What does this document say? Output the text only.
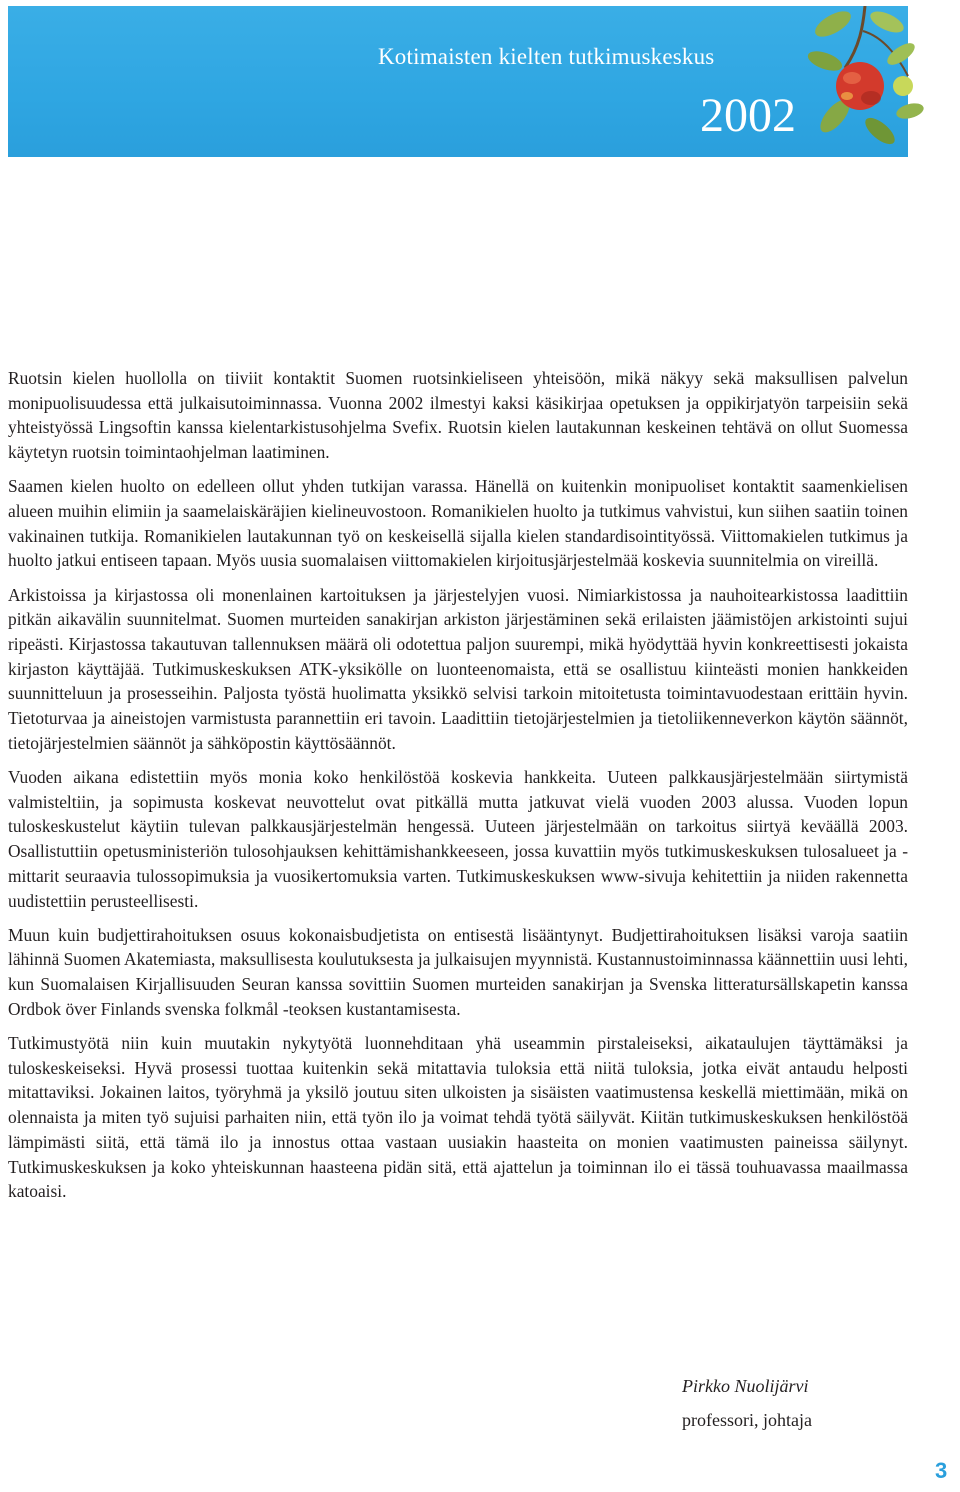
Kotimaisten kielten tutkimuskeskus
2002

Ruotsin kielen huollolla on tiiviit kontaktit Suomen ruotsinkieliseen yhteisöön, mikä näkyy sekä maksullisen palvelun monipuolisuudessa että julkaisutoiminnassa. Vuonna 2002 ilmestyi kaksi käsikirjaa opetuksen ja oppikirjatyön tarpeisiin sekä yhteistyössä Lingsoftin kanssa kielentarkistusohjelma Svefix. Ruotsin kielen lautakunnan keskeinen tehtävä on ollut Suomessa käytetyn ruotsin toimintaohjelman laatiminen.

Saamen kielen huolto on edelleen ollut yhden tutkijan varassa. Hänellä on kuitenkin monipuoliset kontaktit saamenkielisen alueen muihin elimiin ja saamelaiskäräjien kielineuvostoon. Romanikielen huolto ja tutkimus vahvistui, kun siihen saatiin toinen vakinainen tutkija. Romanikielen lautakunnan työ on keskeisellä sijalla kielen standardisointityössä. Viittomakielen tutkimus ja huolto jatkui entiseen tapaan. Myös uusia suomalaisen viittomakielen kirjoitusjärjestelmää koskevia suunnitelmia on vireillä.

Arkistoissa ja kirjastossa oli monenlainen kartoituksen ja järjestelyjen vuosi. Nimiarkistossa ja nauhoitearkistossa laadittiin pitkän aikavälin suunnitelmat. Suomen murteiden sanakirjan arkiston järjestäminen sekä erilaisten jäämistöjen arkistointi sujui ripeästi. Kirjastossa takautuvan tallennuksen määrä oli odotettua paljon suurempi, mikä hyödyttää hyvin konkreettisesti jokaista kirjaston käyttäjää. Tutkimuskeskuksen ATK-yksikölle on luonteenomaista, että se osallistuu kiinteästi monien hankkeiden suunnitteluun ja prosesseihin. Paljosta työstä huolimatta yksikkö selvisi tarkoin mitoitetusta toimintavuodestaan erittäin hyvin. Tietoturvaa ja aineistojen varmistusta parannettiin eri tavoin. Laadittiin tietojärjestelmien ja tietoliikenneverkon käytön säännöt, tietojärjestelmien säännöt ja sähköpostin käyttösäännöt.

Vuoden aikana edistettiin myös monia koko henkilöstöä koskevia hankkeita. Uuteen palkkausjärjestelmään siirtymistä valmisteltiin, ja sopimusta koskevat neuvottelut ovat pitkällä mutta jatkuvat vielä vuoden 2003 alussa. Vuoden lopun tuloskeskustelut käytiin tulevan palkkausjärjestelmän hengessä. Uuteen järjestelmään on tarkoitus siirtyä keväällä 2003. Osallistuttiin opetusministeriön tulosohjauksen kehittämishankkeeseen, jossa kuvattiin myös tutkimuskeskuksen tulosalueet ja -mittarit seuraavia tulossopimuksia ja vuosikertomuksia varten. Tutkimuskeskuksen www-sivuja kehitettiin ja niiden rakennetta uudistettiin perusteellisesti.

Muun kuin budjettirahoituksen osuus kokonaisbudjetista on entisestä lisääntynyt. Budjettirahoituksen lisäksi varoja saatiin lähinnä Suomen Akatemiasta, maksullisesta koulutuksesta ja julkaisujen myynnistä. Kustannustoiminnassa käännettiin uusi lehti, kun Suomalaisen Kirjallisuuden Seuran kanssa sovittiin Suomen murteiden sanakirjan ja Svenska litteratursällskapetin kanssa Ordbok över Finlands svenska folkmål -teoksen kustantamisesta.

Tutkimustyötä niin kuin muutakin nykytyötä luonnehditaan yhä useammin pirstaleiseksi, aikataulujen täyttämäksi ja tuloskeskeiseksi. Hyvä prosessi tuottaa kuitenkin sekä mitattavia tuloksia että niitä tuloksia, jotka eivät antaudu helposti mitattaviksi. Jokainen laitos, työryhmä ja yksilö joutuu siten ulkoisten ja sisäisten vaatimustensa keskellä miettimään, mikä on olennaista ja miten työ sujuisi parhaiten niin, että työn ilo ja voimat tehdä työtä säilyvät. Kiitän tutkimuskeskuksen henkilöstöä lämpimästi siitä, että tämä ilo ja innostus ottaa vastaan uusiakin haasteita on monien vaatimusten paineissa säilynyt. Tutkimuskeskuksen ja koko yhteiskunnan haasteena pidän sitä, että ajattelun ja toiminnan ilo ei tässä touhuavassa maailmassa katoaisi.

Pirkko Nuolijärvi

professori, johtaja

3
